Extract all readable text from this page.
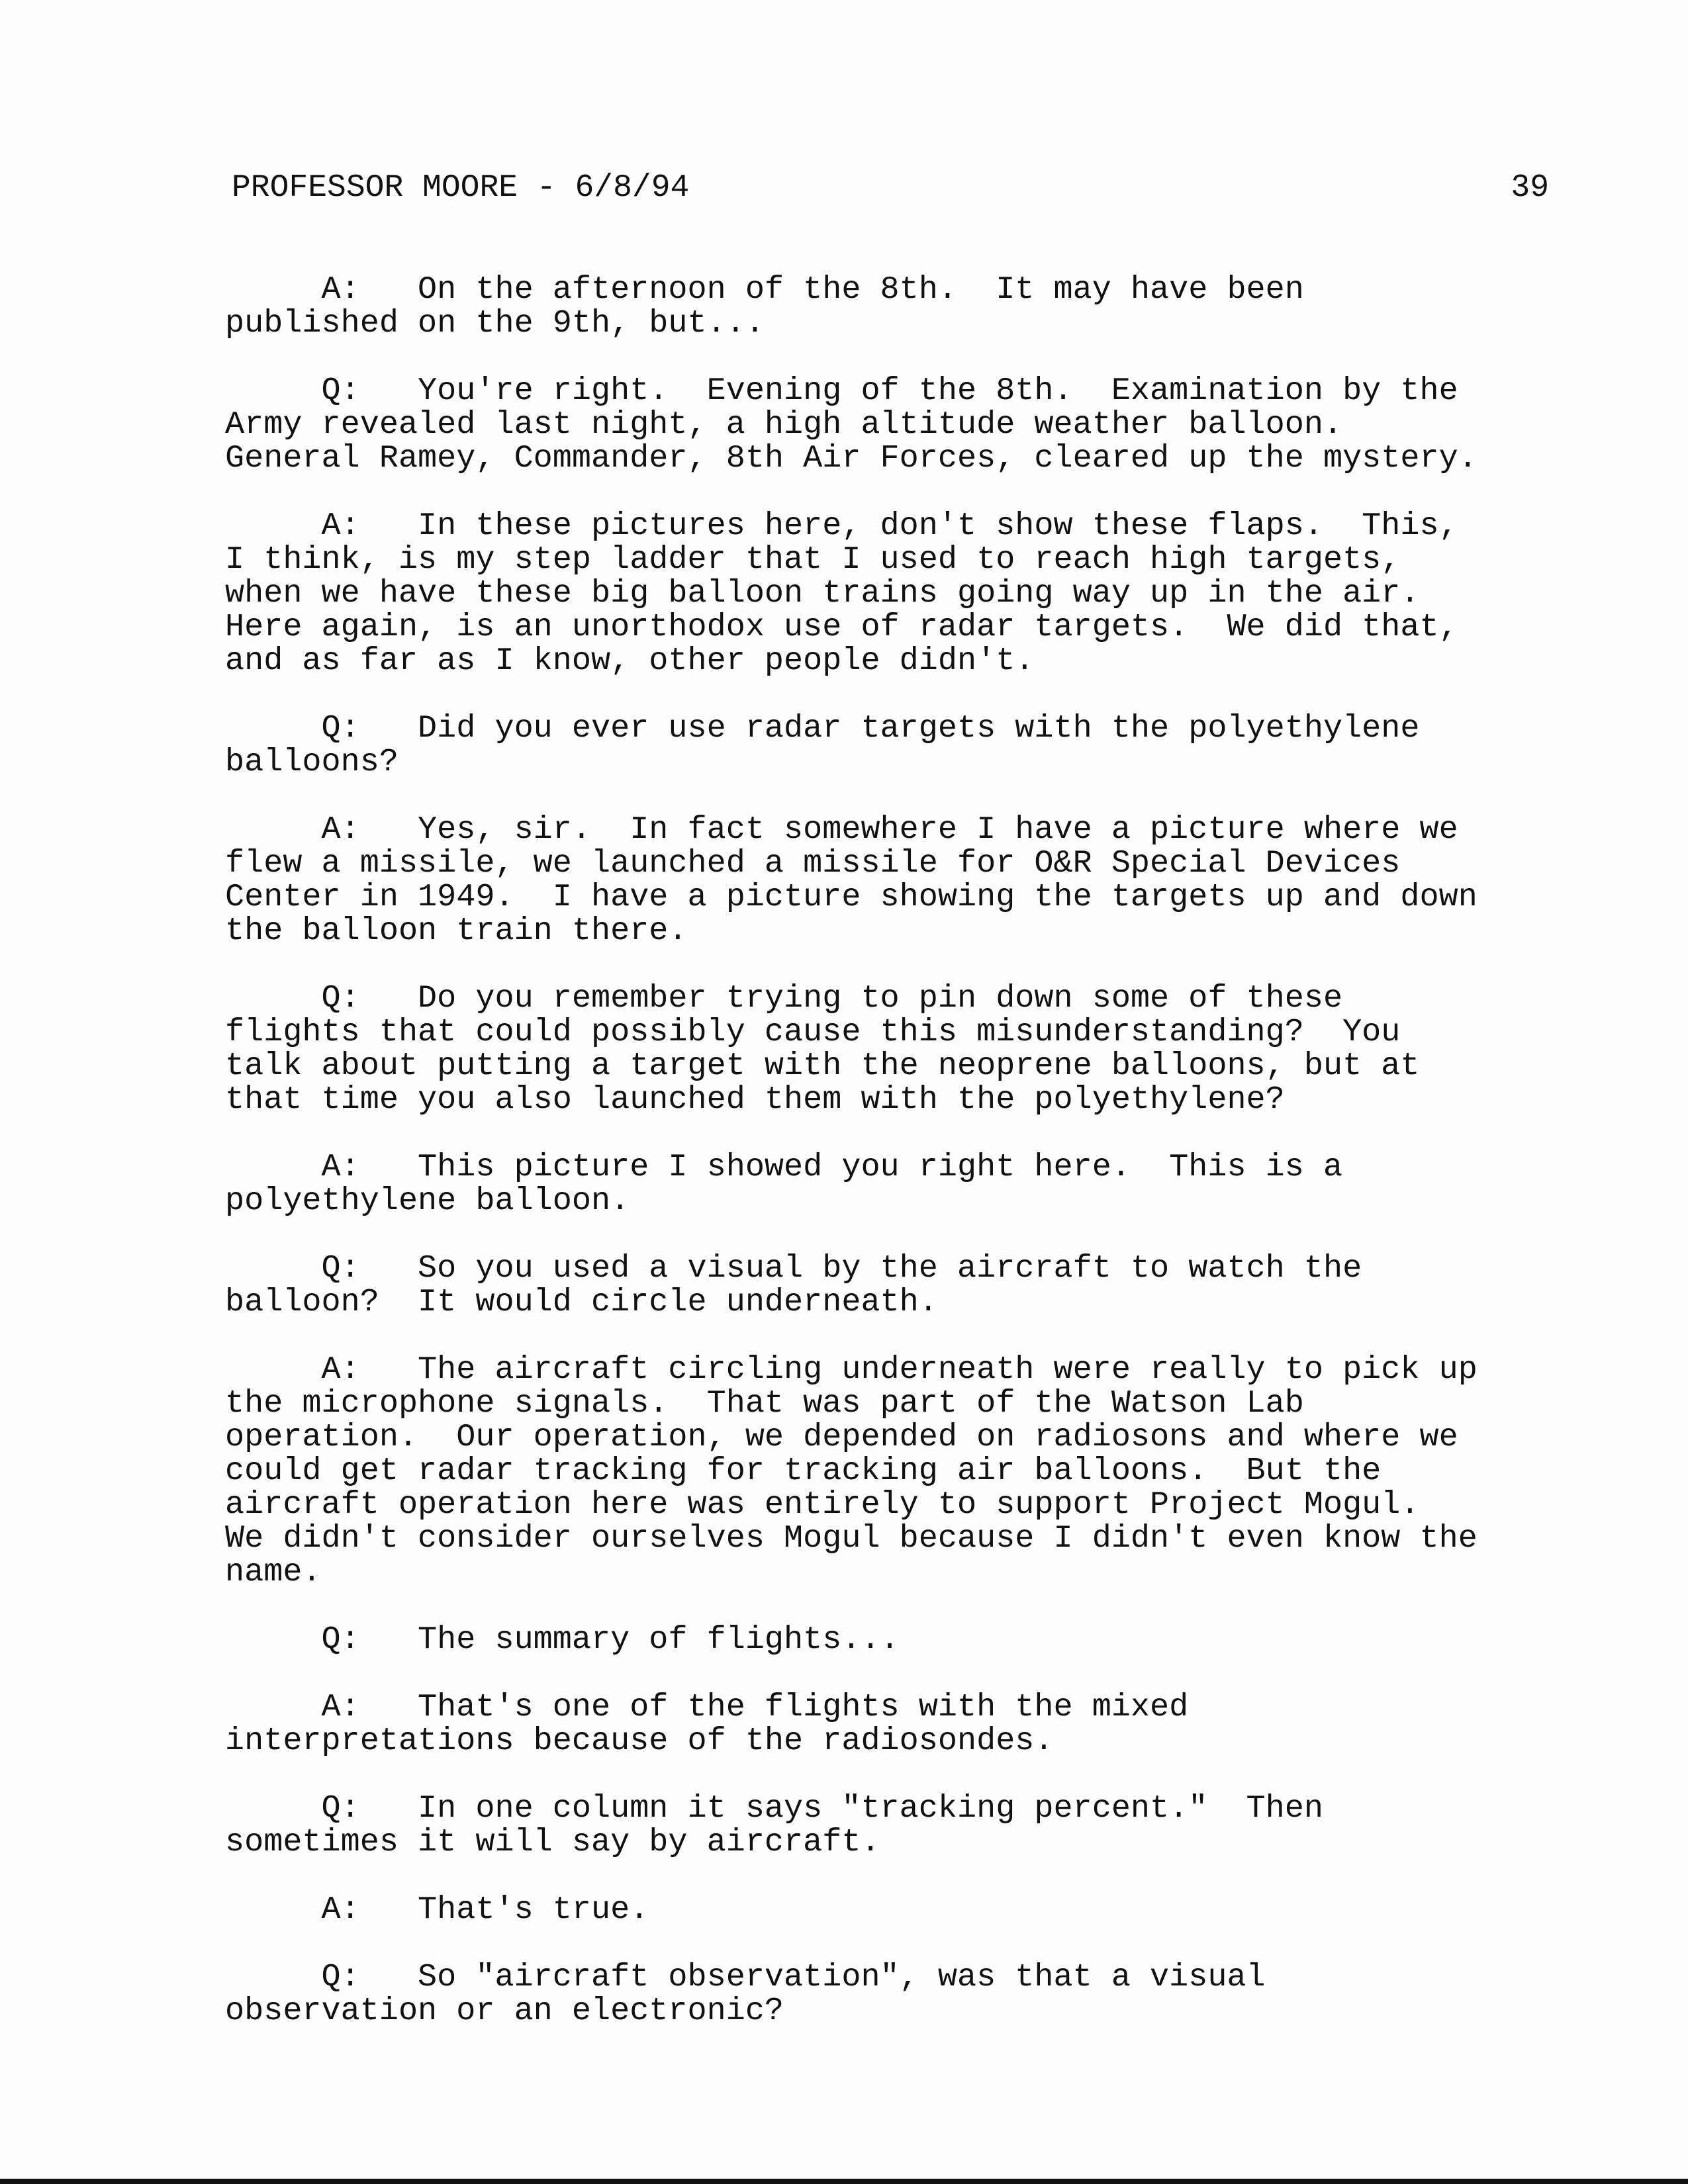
PROFESSOR MOORE - 6/8/94

	39

A:   On the afternoon of the 8th.  It may have been
published on the 9th, but...
Q:   You're right.  Evening of the 8th.  Examination by the
Army revealed last night, a high altitude weather balloon.
General Ramey, Commander, 8th Air Forces, cleared up the mystery.
A:   In these pictures here, don't show these flaps.  This,
I think, is my step ladder that I used to reach high targets,
when we have these big balloon trains going way up in the air.
Here again, is an unorthodox use of radar targets.  We did that,
and as far as I know, other people didn't.
Q:   Did you ever use radar targets with the polyethylene
balloons?
A:   Yes, sir.  In fact somewhere I have a picture where we
flew a missile, we launched a missile for O&R Special Devices
Center in 1949.  I have a picture showing the targets up and down
the balloon train there.
Q:   Do you remember trying to pin down some of these
flights that could possibly cause this misunderstanding?  You
talk about putting a target with the neoprene balloons, but at
that time you also launched them with the polyethylene?
A:   This picture I showed you right here.  This is a
polyethylene balloon.
Q:   So you used a visual by the aircraft to watch the
balloon?  It would circle underneath.
A:   The aircraft circling underneath were really to pick up
the microphone signals.  That was part of the Watson Lab
operation.  Our operation, we depended on radiosons and where we
could get radar tracking for tracking air balloons.  But the
aircraft operation here was entirely to support Project Mogul.
We didn't consider ourselves Mogul because I didn't even know the
name.
Q:   The summary of flights...
A:   That's one of the flights with the mixed
interpretations because of the radiosondes.
Q:   In one column it says "tracking percent."  Then
sometimes it will say by aircraft.
A:   That's true.
Q:   So "aircraft observation", was that a visual
observation or an electronic?
